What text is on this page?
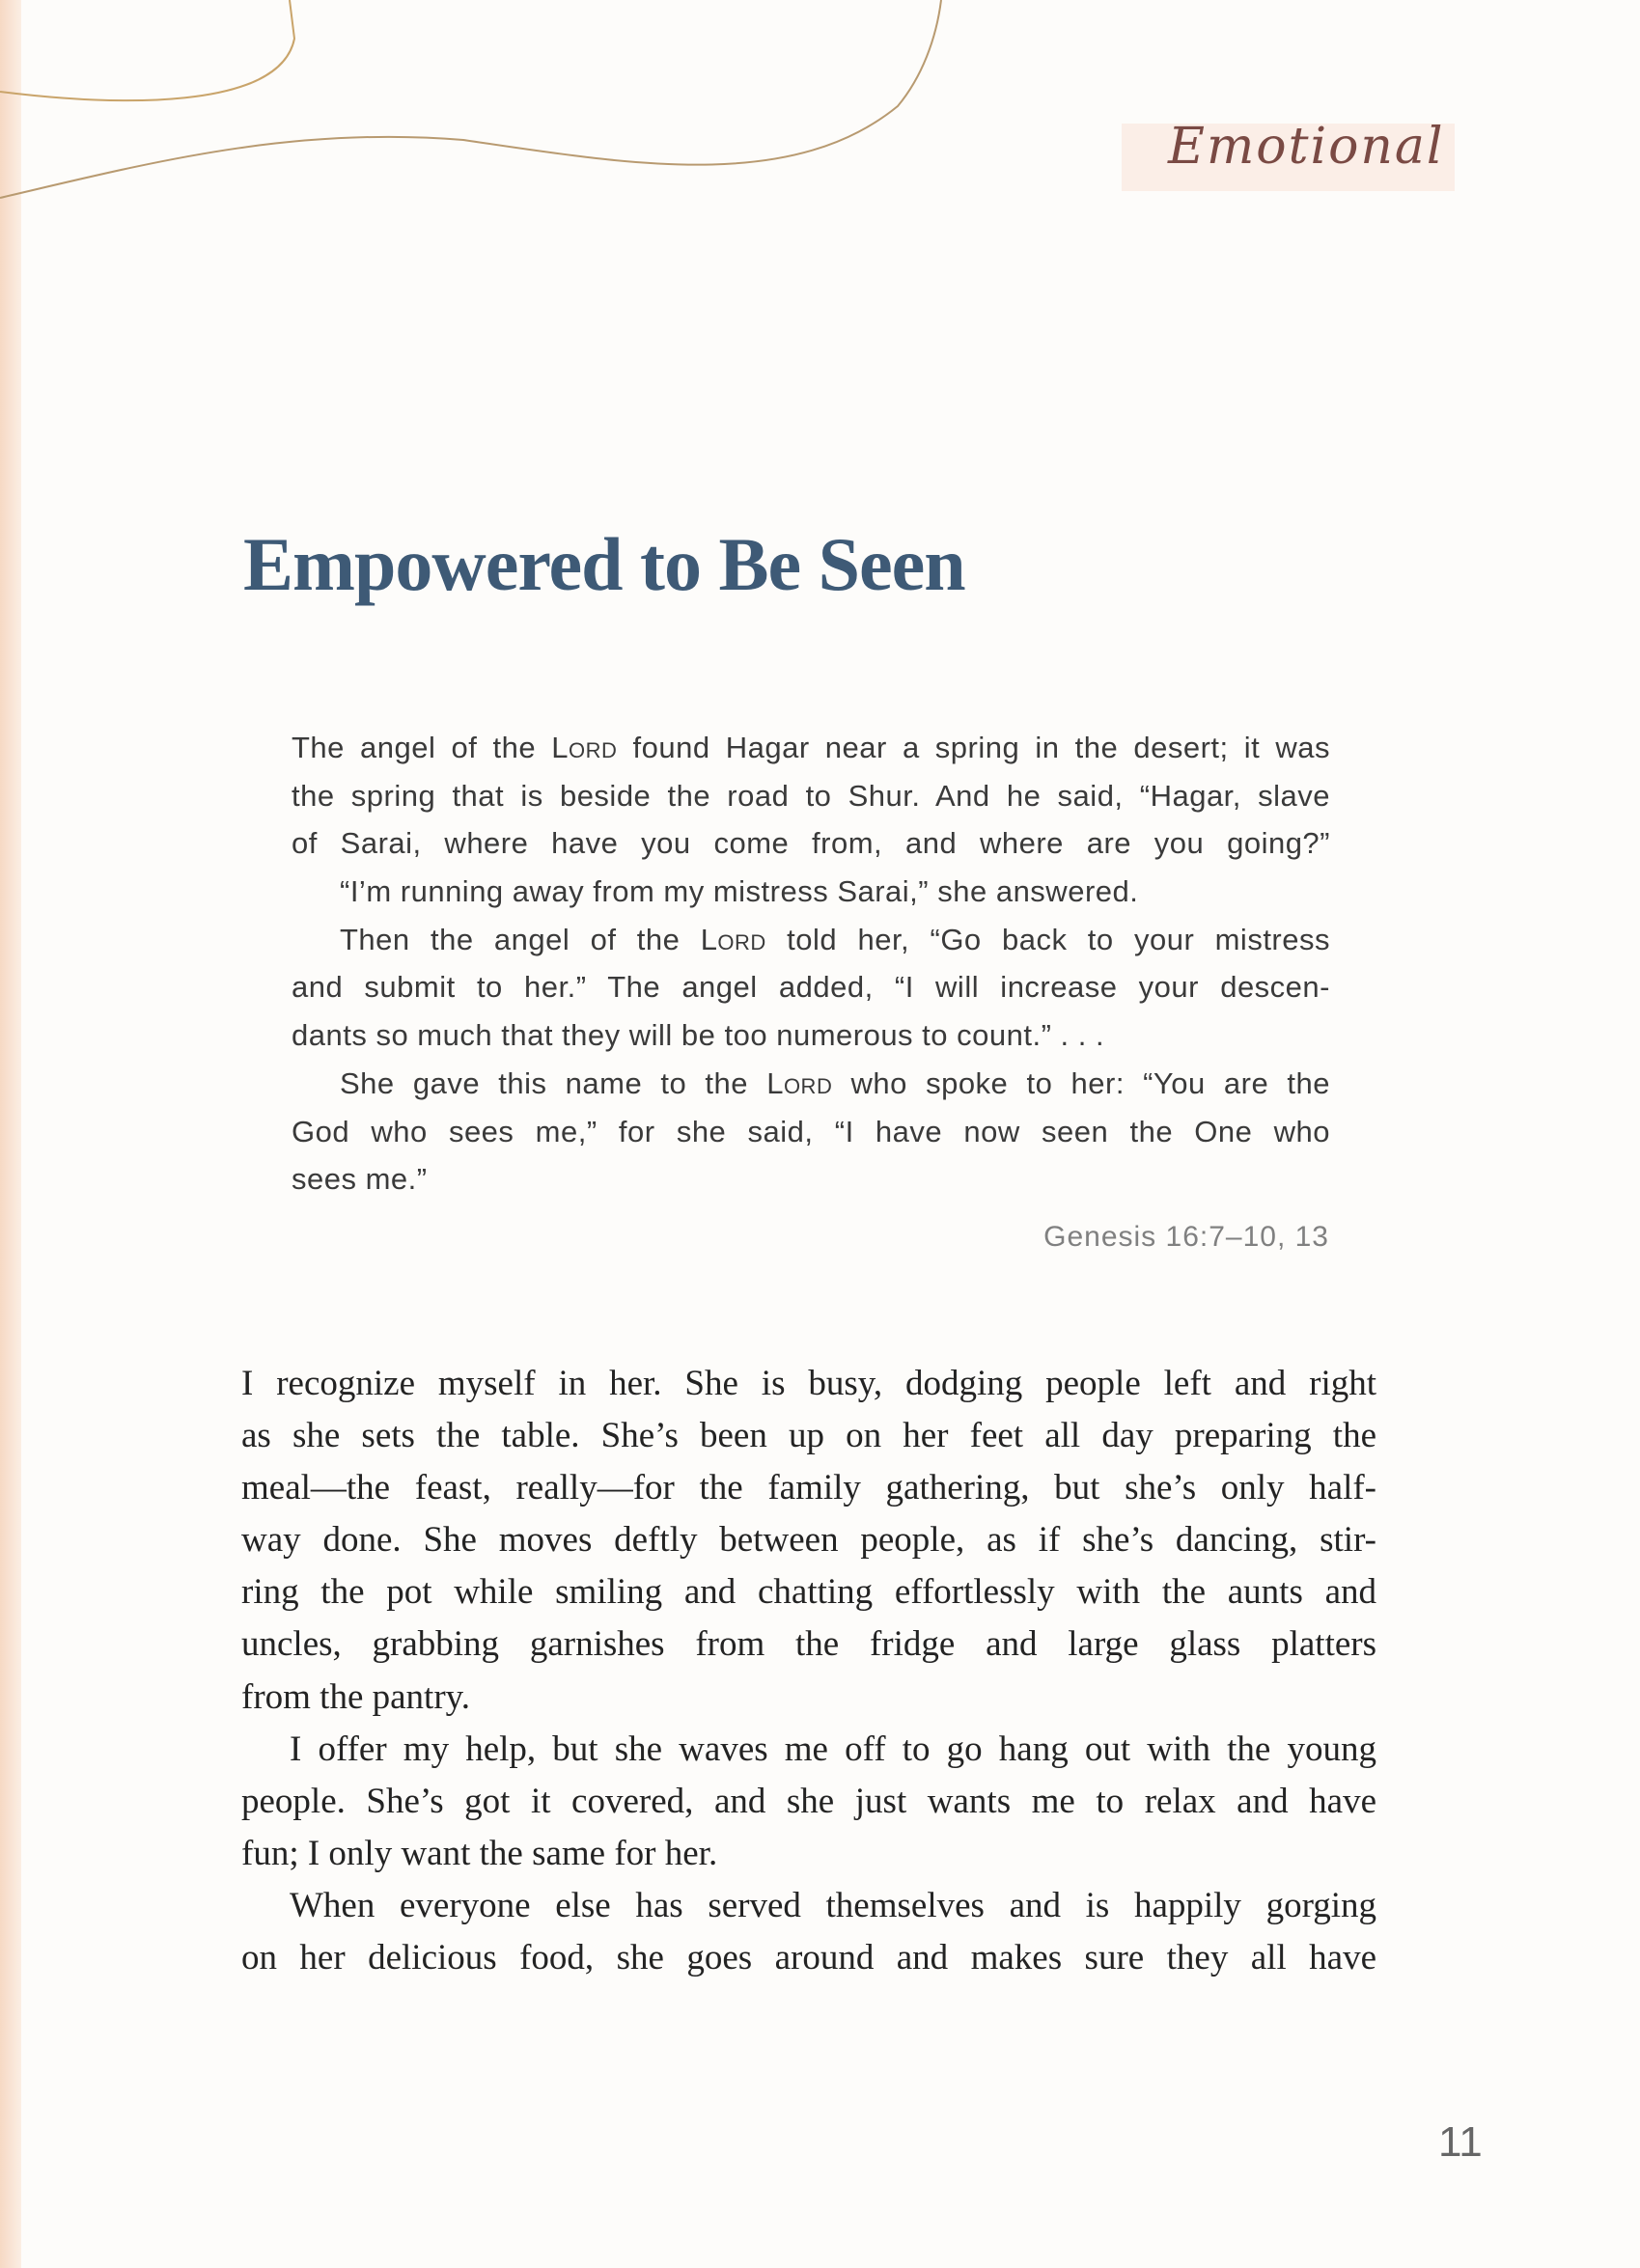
Emotional
Empowered to Be Seen
The angel of the Lord found Hagar near a spring in the desert; it was
the spring that is beside the road to Shur. And he said, “Hagar, slave
of Sarai, where have you come from, and where are you going?”
“I’m running away from my mistress Sarai,” she answered.
Then the angel of the Lord told her, “Go back to your mistress
and submit to her.” The angel added, “I will increase your descen-
dants so much that they will be too numerous to count.” . . .
She gave this name to the Lord who spoke to her: “You are the
God who sees me,” for she said, “I have now seen the One who
sees me.”
Genesis 16:7–10, 13
I recognize myself in her. She is busy, dodging people left and right
as she sets the table. She’s been up on her feet all day preparing the
meal—the feast, really—for the family gathering, but she’s only half-
way done. She moves deftly between people, as if she’s dancing, stir-
ring the pot while smiling and chatting effortlessly with the aunts and
uncles, grabbing garnishes from the fridge and large glass platters
from the pantry.
I offer my help, but she waves me off to go hang out with the young
people. She’s got it covered, and she just wants me to relax and have
fun; I only want the same for her.
When everyone else has served themselves and is happily gorging
on her delicious food, she goes around and makes sure they all have
11
